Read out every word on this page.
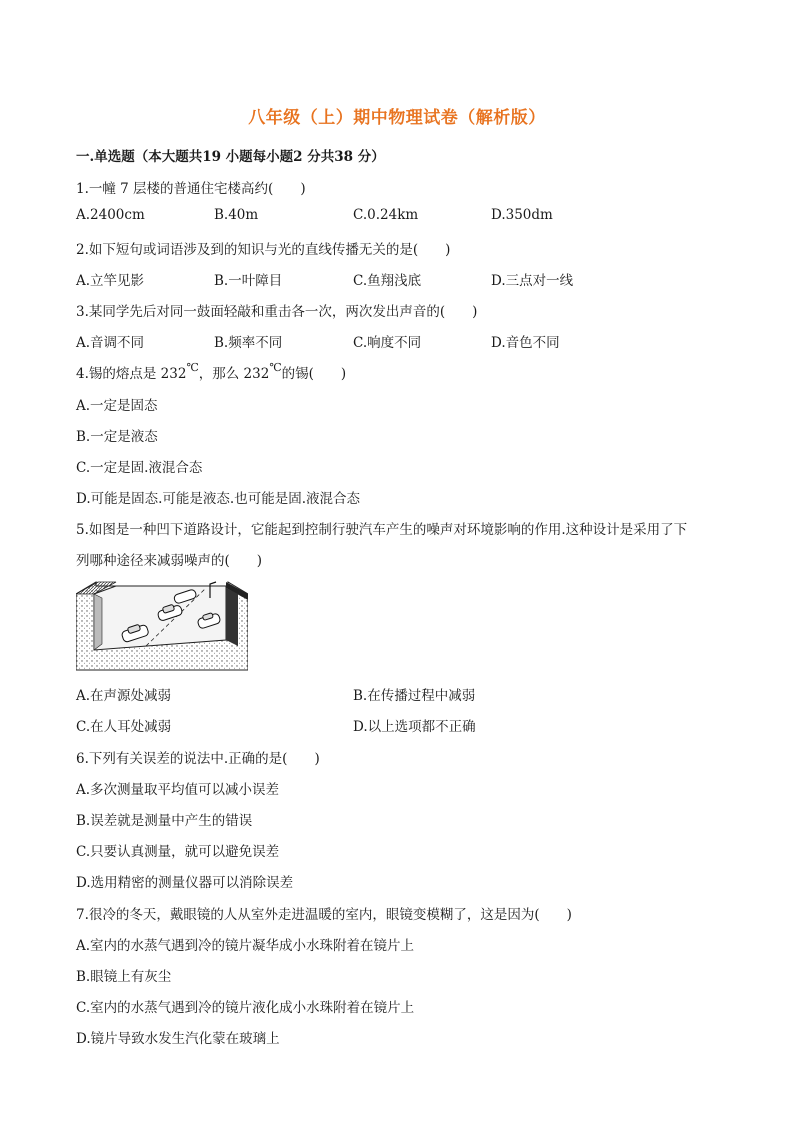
八年级（上）期中物理试卷（解析版）
一.单选题（本大题共19 小题每小题2 分共38 分）
1.一幢 7 层楼的普通住宅楼高约(　　)
A.2400cm	B.40m	C.0.24km	D.350dm
2.如下短句或词语涉及到的知识与光的直线传播无关的是(　　)
A.立竿见影	B.一叶障目	C.鱼翔浅底	D.三点对一线
3.某同学先后对同一鼓面轻敲和重击各一次，两次发出声音的(　　)
A.音调不同	B.频率不同	C.响度不同	D.音色不同
4.锡的熔点是 232℃，那么 232℃的锡(　　)
A.一定是固态
B.一定是液态
C.一定是固.液混合态
D.可能是固态.可能是液态.也可能是固.液混合态
5.如图是一种凹下道路设计，它能起到控制行驶汽车产生的噪声对环境影响的作用.这种设计是采用了下
列哪种途径来减弱噪声的(　　)
A.在声源处减弱	B.在传播过程中减弱
C.在人耳处减弱	D.以上选项都不正确
6.下列有关误差的说法中.正确的是(　　)
A.多次测量取平均值可以减小误差
B.误差就是测量中产生的错误
C.只要认真测量，就可以避免误差
D.选用精密的测量仪器可以消除误差
7.很冷的冬天，戴眼镜的人从室外走进温暖的室内，眼镜变模糊了，这是因为(　　)
A.室内的水蒸气遇到冷的镜片凝华成小水珠附着在镜片上
B.眼镜上有灰尘
C.室内的水蒸气遇到冷的镜片液化成小水珠附着在镜片上
D.镜片导致水发生汽化蒙在玻璃上
